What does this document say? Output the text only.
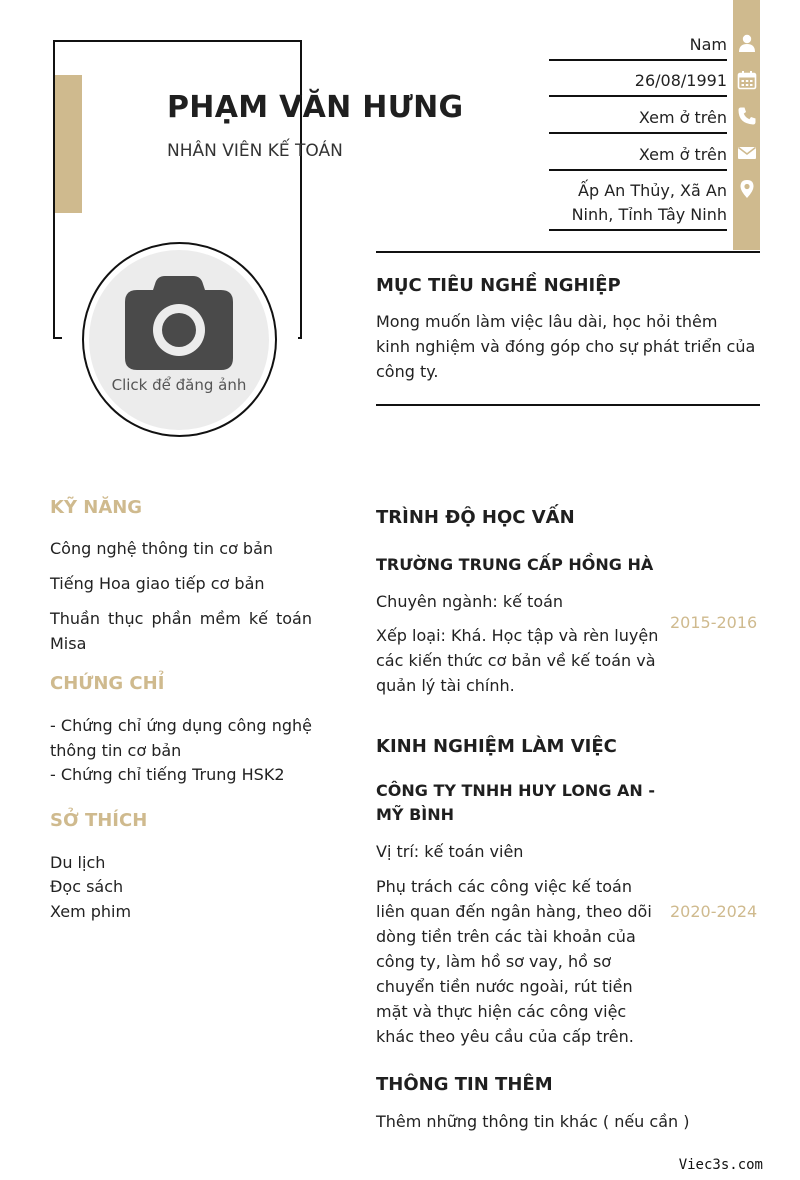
PHẠM VĂN HƯNG
NHÂN VIÊN KẾ TOÁN
Click để đăng ảnh
Nam
26/08/1991
Xem ở trên
Xem ở trên
Ấp An Thủy, Xã An
Ninh, Tỉnh Tây Ninh
MỤC TIÊU NGHỀ NGHIỆP
Mong muốn làm việc lâu dài, học hỏi thêm kinh nghiệm và đóng góp cho sự phát triển của công ty.
KỸ NĂNG
Công nghệ thông tin cơ bản
Tiếng Hoa giao tiếp cơ bản
Thuần thục phần mềm kế toán Misa
CHỨNG CHỈ
- Chứng chỉ ứng dụng công nghệ thông tin cơ bản
- Chứng chỉ tiếng Trung HSK2
SỞ THÍCH
Du lịch
Đọc sách
Xem phim
TRÌNH ĐỘ HỌC VẤN
TRƯỜNG TRUNG CẤP HỒNG HÀ
Chuyên ngành: kế toán
Xếp loại: Khá. Học tập và rèn luyện các kiến thức cơ bản về kế toán và quản lý tài chính.
2015-2016
KINH NGHIỆM LÀM VIỆC
CÔNG TY TNHH HUY LONG AN - MỸ BÌNH
Vị trí: kế toán viên
Phụ trách các công việc kế toán liên quan đến ngân hàng, theo dõi dòng tiền trên các tài khoản của công ty, làm hồ sơ vay, hồ sơ chuyển tiền nước ngoài, rút tiền mặt và thực hiện các công việc khác theo yêu cầu của cấp trên.
2020-2024
THÔNG TIN THÊM
Thêm những thông tin khác ( nếu cần )
Viec3s.com
